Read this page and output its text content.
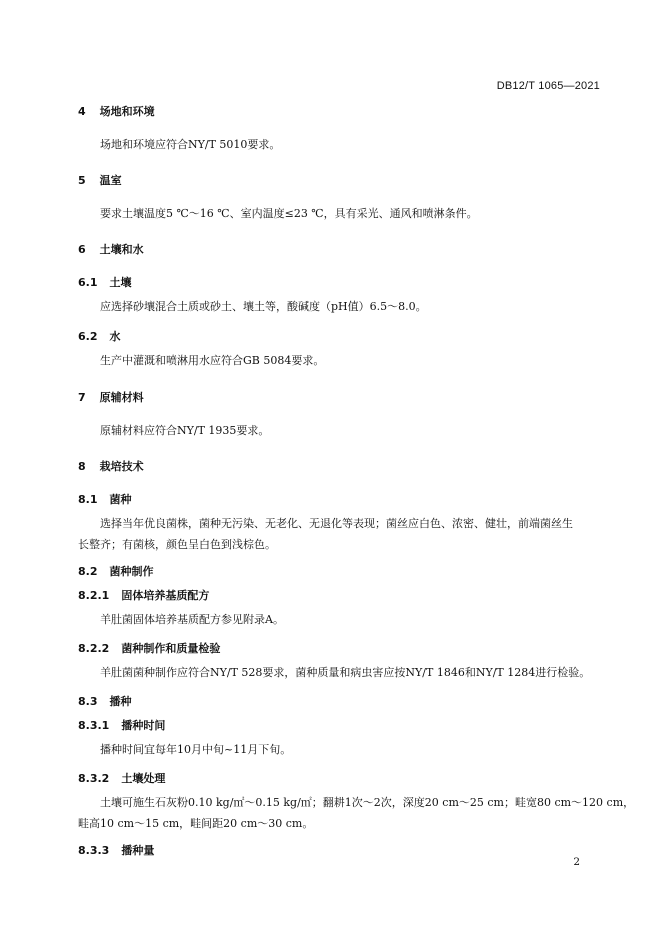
DB12/T 1065—2021
4 场地和环境
场地和环境应符合NY/T 5010要求。
5 温室
要求土壤温度5 ℃～16 ℃、室内温度≤23 ℃，具有采光、通风和喷淋条件。
6 土壤和水
6.1 土壤
应选择砂壤混合土质或砂土、壤土等，酸碱度（pH值）6.5～8.0。
6.2 水
生产中灌溉和喷淋用水应符合GB 5084要求。
7 原辅材料
原辅材料应符合NY/T 1935要求。
8 栽培技术
8.1 菌种
选择当年优良菌株，菌种无污染、无老化、无退化等表现；菌丝应白色、浓密、健壮，前端菌丝生
长整齐；有菌核，颜色呈白色到浅棕色。
8.2 菌种制作
8.2.1 固体培养基质配方
羊肚菌固体培养基质配方参见附录A。
8.2.2 菌种制作和质量检验
羊肚菌菌种制作应符合NY/T 528要求，菌种质量和病虫害应按NY/T 1846和NY/T 1284进行检验。
8.3 播种
8.3.1 播种时间
播种时间宜每年10月中旬~11月下旬。
8.3.2 土壤处理
土壤可施生石灰粉0.10 kg/㎡～0.15 kg/㎡；翻耕1次～2次，深度20 cm～25 cm；畦宽80 cm～120 cm，
畦高10 cm～15 cm，畦间距20 cm～30 cm。
8.3.3 播种量
2
